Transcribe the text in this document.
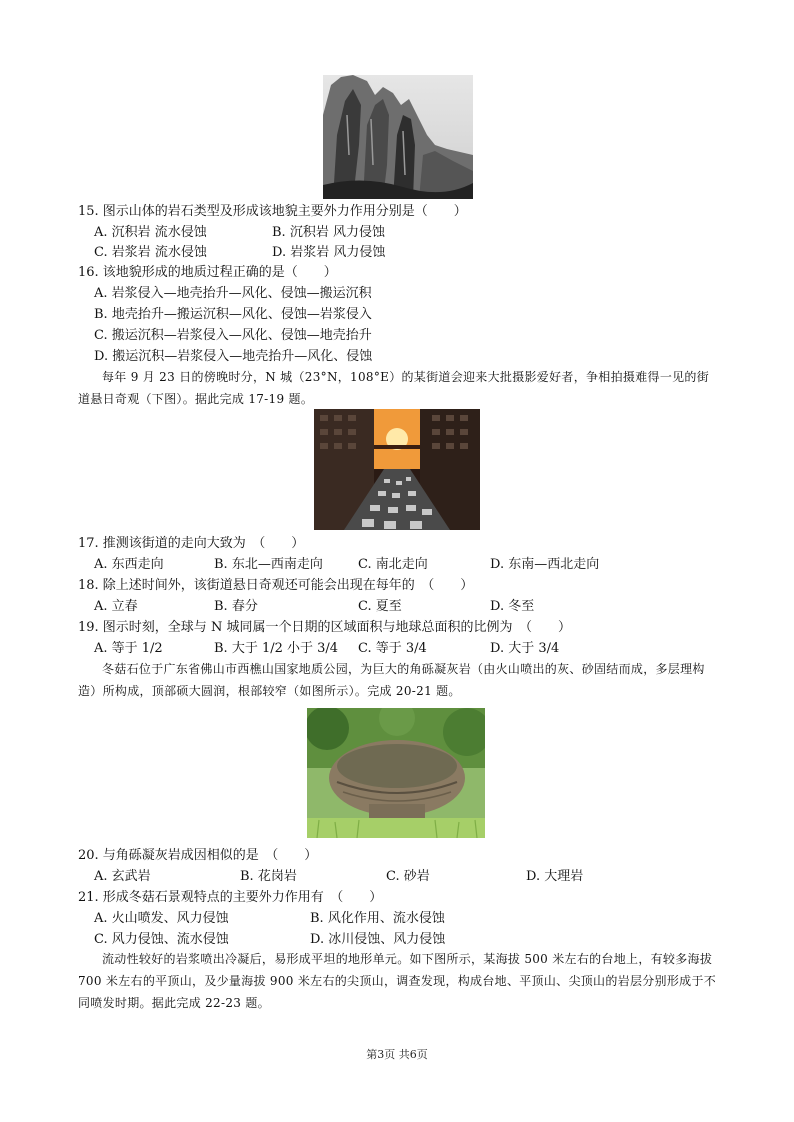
15. 图示山体的岩石类型及形成该地貌主要外力作用分别是（　　）
A. 沉积岩 流水侵蚀	B. 沉积岩 风力侵蚀
C. 岩浆岩 流水侵蚀	D. 岩浆岩 风力侵蚀
16. 该地貌形成的地质过程正确的是（　　）
A. 岩浆侵入—地壳抬升—风化、侵蚀—搬运沉积
B. 地壳抬升—搬运沉积—风化、侵蚀—岩浆侵入
C. 搬运沉积—岩浆侵入—风化、侵蚀—地壳抬升
D. 搬运沉积—岩浆侵入—地壳抬升—风化、侵蚀
每年 9 月 23 日的傍晚时分，N 城（23°N，108°E）的某街道会迎来大批摄影爱好者，争相拍摄难得一见的街道悬日奇观（下图）。据此完成 17-19 题。
17. 推测该街道的走向大致为　（　　）
A. 东西走向	B. 东北—西南走向	C. 南北走向	D. 东南—西北走向
18. 除上述时间外，该街道悬日奇观还可能会出现在每年的　（　　）
A. 立春	B. 春分	C. 夏至	D. 冬至
19. 图示时刻，全球与 N 城同属一个日期的区域面积与地球总面积的比例为　（　　）
A. 等于 1/2	B. 大于 1/2 小于 3/4 C. 等于 3/4	D. 大于 3/4
冬菇石位于广东省佛山市西樵山国家地质公园，为巨大的角砾凝灰岩（由火山喷出的灰、砂固结而成，多层理构造）所构成，顶部硕大圆润，根部较窄（如图所示）。完成 20-21 题。
20. 与角砾凝灰岩成因相似的是　（　　）
A. 玄武岩	B. 花岗岩	C. 砂岩	D. 大理岩
21. 形成冬菇石景观特点的主要外力作用有　（　　）
A. 火山喷发、风力侵蚀	B. 风化作用、流水侵蚀
C. 风力侵蚀、流水侵蚀	D. 冰川侵蚀、风力侵蚀
流动性较好的岩浆喷出冷凝后，易形成平坦的地形单元。如下图所示，某海拔 500 米左右的台地上，有较多海拔 700 米左右的平顶山，及少量海拔 900 米左右的尖顶山，调查发现，构成台地、平顶山、尖顶山的岩层分别形成于不同喷发时期。据此完成 22-23 题。
第3页 共6页
